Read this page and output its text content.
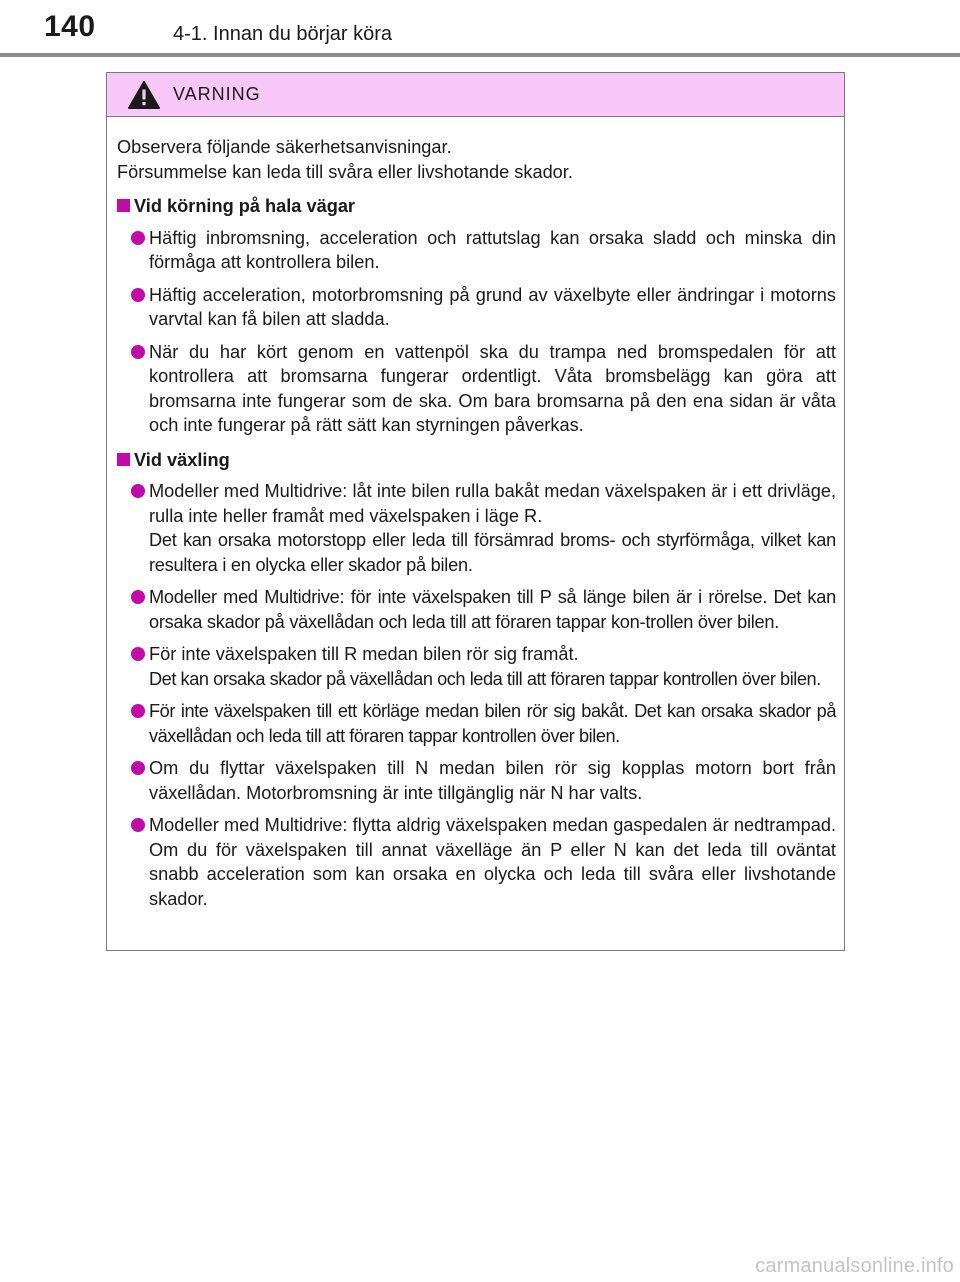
140	4-1. Innan du börjar köra
VARNING

Observera följande säkerhetsanvisningar.
Försummelse kan leda till svåra eller livshotande skador.

Vid körning på hala vägar
Häftig inbromsning, acceleration och rattutslag kan orsaka sladd och minska din förmåga att kontrollera bilen.
Häftig acceleration, motorbromsning på grund av växelbyte eller ändringar i motorns varvtal kan få bilen att sladda.
När du har kört genom en vattenpöl ska du trampa ned bromspedalen för att kontrollera att bromsarna fungerar ordentligt. Våta bromsbelägg kan göra att bromsarna inte fungerar som de ska. Om bara bromsarna på den ena sidan är våta och inte fungerar på rätt sätt kan styrningen påverkas.
Vid växling
Modeller med Multidrive: låt inte bilen rulla bakåt medan växelspaken är i ett drivläge, rulla inte heller framåt med växelspaken i läge R.
Det kan orsaka motorstopp eller leda till försämrad broms- och styrförmåga, vilket kan resultera i en olycka eller skador på bilen.
Modeller med Multidrive: för inte växelspaken till P så länge bilen är i rörelse. Det kan orsaka skador på växellådan och leda till att föraren tappar kon-trollen över bilen.
För inte växelspaken till R medan bilen rör sig framåt.
Det kan orsaka skador på växellådan och leda till att föraren tappar kontrollen över bilen.
För inte växelspaken till ett körläge medan bilen rör sig bakåt. Det kan orsaka skador på växellådan och leda till att föraren tappar kontrollen över bilen.
Om du flyttar växelspaken till N medan bilen rör sig kopplas motorn bort från växellådan. Motorbromsning är inte tillgänglig när N har valts.
Modeller med Multidrive: flytta aldrig växelspaken medan gaspedalen är nedtrampad. Om du för växelspaken till annat växelläge än P eller N kan det leda till oväntat snabb acceleration som kan orsaka en olycka och leda till svåra eller livshotande skador.
carmanualsonline.info
